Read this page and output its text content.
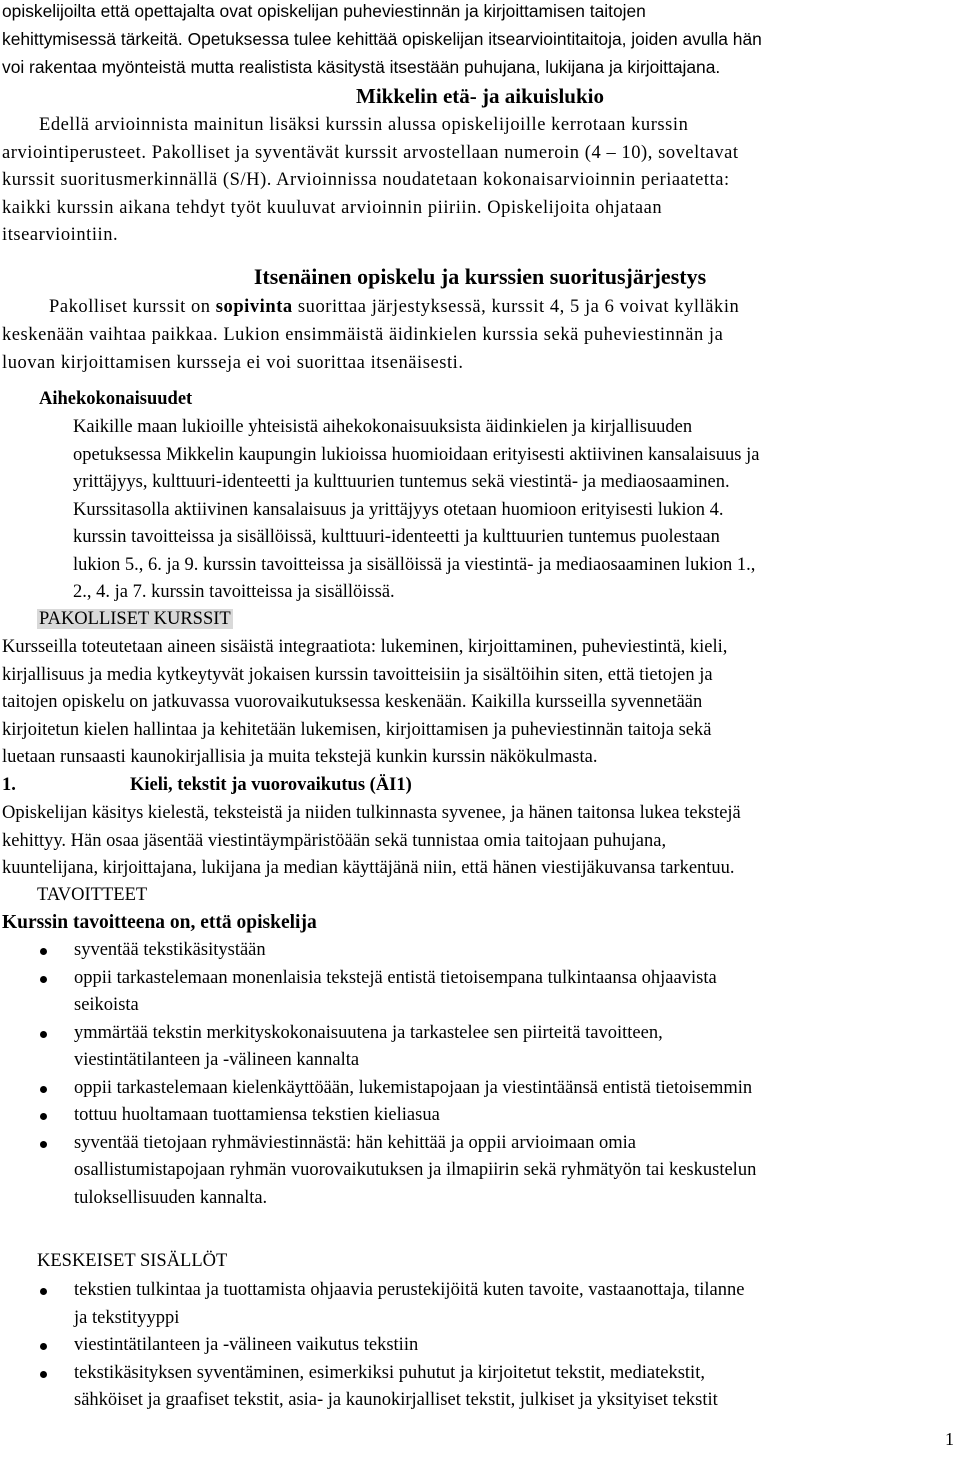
opiskelijoilta että opettajalta ovat opiskelijan puheviestinnän ja kirjoittamisen taitojen

kehittymisessä tärkeitä. Opetuksessa tulee kehittää opiskelijan itsearviointitaitoja, joiden avulla hän

voi rakentaa myönteistä mutta realistista käsitystä itsestään puhujana, lukijana ja kirjoittajana.

Mikkelin etä- ja aikuislukio

Edellä arvioinnista mainitun lisäksi kurssin alussa opiskelijoille kerrotaan kurssin

arviointiperusteet. Pakolliset ja syventävät kurssit arvostellaan numeroin (4 – 10), soveltavat

kurssit suoritusmerkinnällä (S/H). Arvioinnissa noudatetaan kokonaisarvioinnin periaatetta:

kaikki kurssin aikana tehdyt työt kuuluvat arvioinnin piiriin. Opiskelijoita ohjataan

itsearviointiin.

Itsenäinen opiskelu ja kurssien suoritusjärjestys

Pakolliset kurssit on sopivinta suorittaa järjestyksessä, kurssit 4, 5 ja 6 voivat kylläkin

keskenään vaihtaa paikkaa. Lukion ensimmäistä äidinkielen kurssia sekä puheviestinnän ja

luovan kirjoittamisen kursseja ei voi suorittaa itsenäisesti.

Aihekokonaisuudet

Kaikille maan lukioille yhteisistä aihekokonaisuuksista äidinkielen ja kirjallisuuden

opetuksessa Mikkelin kaupungin lukioissa huomioidaan erityisesti aktiivinen kansalaisuus ja

yrittäjyys, kulttuuri-identeetti ja kulttuurien tuntemus sekä viestintä- ja mediaosaaminen.

Kurssitasolla aktiivinen kansalaisuus ja yrittäjyys otetaan huomioon erityisesti lukion 4.

kurssin tavoitteissa ja sisällöissä, kulttuuri-identeetti ja kulttuurien tuntemus puolestaan

lukion 5., 6. ja 9. kurssin tavoitteissa ja sisällöissä ja viestintä- ja mediaosaaminen lukion 1.,

2., 4. ja 7. kurssin tavoitteissa ja sisällöissä.

PAKOLLISET KURSSIT

Kursseilla toteutetaan aineen sisäistä integraatiota: lukeminen, kirjoittaminen, puheviestintä, kieli,

kirjallisuus ja media kytkeytyvät jokaisen kurssin tavoitteisiin ja sisältöihin siten, että tietojen ja

taitojen opiskelu on jatkuvassa vuorovaikutuksessa keskenään. Kaikilla kursseilla syvennetään

kirjoitetun kielen hallintaa ja kehitetään lukemisen, kirjoittamisen ja puheviestinnän taitoja sekä

luetaan runsaasti kaunokirjallisia ja muita tekstejä kunkin kurssin näkökulmasta.

1.	Kieli, tekstit ja vuorovaikutus (ÄI1)

Opiskelijan käsitys kielestä, teksteistä ja niiden tulkinnasta syvenee, ja hänen taitonsa lukea tekstejä

kehittyy. Hän osaa jäsentää viestintäympäristöään sekä tunnistaa omia taitojaan puhujana,

kuuntelijana, kirjoittajana, lukijana ja median käyttäjänä niin, että hänen viestijäkuvansa tarkentuu.

TAVOITTEET
Kurssin tavoitteena on, että opiskelija

syventää tekstikäsitystään

oppii tarkastelemaan monenlaisia tekstejä entistä tietoisempana tulkintaansa ohjaavista

seikoista

ymmärtää tekstin merkityskokonaisuutena ja tarkastelee sen piirteitä tavoitteen,

viestintätilanteen ja -välineen kannalta

oppii tarkastelemaan kielenkäyttöään, lukemistapojaan ja viestintäänsä entistä tietoisemmin

tottuu huoltamaan tuottamiensa tekstien kieliasua

syventää tietojaan ryhmäviestinnästä: hän kehittää ja oppii arvioimaan omia

osallistumistapojaan ryhmän vuorovaikutuksen ja ilmapiirin sekä ryhmätyön tai keskustelun

tuloksellisuuden kannalta.

KESKEISET SISÄLLÖT

tekstien tulkintaa ja tuottamista ohjaavia perustekijöitä kuten tavoite, vastaanottaja, tilanne

ja tekstityyppi

viestintätilanteen ja -välineen vaikutus tekstiin

tekstikäsityksen syventäminen, esimerkiksi puhutut ja kirjoitetut tekstit, mediatekstit,

sähköiset ja graafiset tekstit, asia- ja kaunokirjalliset tekstit, julkiset ja yksityiset tekstit

1
